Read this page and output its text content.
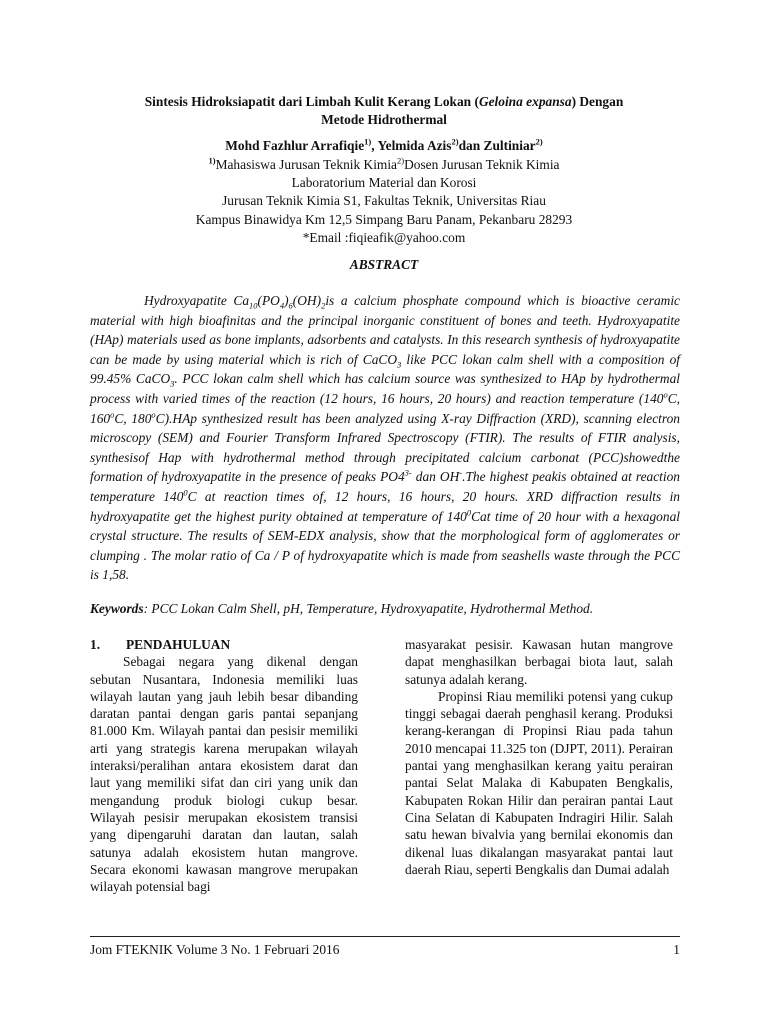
Sintesis Hidroksiapatit dari Limbah Kulit Kerang Lokan (Geloina expansa) Dengan
Metode Hidrothermal
Mohd Fazhlur Arrafiqie$^{1)}$, Yelmida Azis$^{2)}$dan Zultiniar$^{2)}$
$^{1)}$Mahasiswa Jurusan Teknik Kimia$^{2)}$Dosen Jurusan Teknik Kimia
Laboratorium Material dan Korosi
Jurusan Teknik Kimia S1, Fakultas Teknik, Universitas Riau
Kampus Binawidya Km 12,5 Simpang Baru Panam, Pekanbaru 28293
*Email :fiqieafik@yahoo.com
ABSTRACT

Hydroxyapatite $Ca_{10}(PO_4)_6(OH)_2is$ a calcium phosphate compound which is bioactive ceramic material with high bioafinitas and the principal inorganic constituent of bones and teeth. Hydroxyapatite (HAp) materials used as bone implants, adsorbents and catalysts. In this research synthesis of hydroxyapatite can be made by using material which is rich of CaCO$_3$ like PCC lokan calm shell with a composition of 99.45% CaCO$_3$. PCC lokan calm shell which has calcium source was synthesized to HAp by hydrothermal process with varied times of the reaction (12 hours, 16 hours, 20 hours) and reaction temperature (140$^o$C, 160$^o$C, 180$^o$C).HAp synthesized result has been analyzed using X-ray Diffraction (XRD), scanning electron microscopy (SEM) and Fourier Transform Infrared Spectroscopy (FTIR). The results of FTIR analysis, synthesisof Hap with hydrothermal method through precipitated calcium carbonat (PCC)showedthe formation of hydroxyapatite in the presence of peaks $PO4^{3-}$ dan OH-.The highest peakis obtained at reaction temperature $140^0C$ at reaction times of, 12 hours, 16 hours, 20 hours. XRD diffraction results in hydroxyapatite get the highest purity obtained at temperature of $140^0Cat$ time of 20 hour with a hexagonal crystal structure. The results of SEM-EDX analysis, show that the morphological form of agglomerates or clumping . The molar ratio of Ca / P of hydroxyapatite which is made from seashells waste through the PCC is 1,58.

Keywords: PCC Lokan Calm Shell, pH, Temperature, Hydroxyapatite, Hydrothermal Method.

1. PENDAHULUAN

Sebagai negara yang dikenal dengan sebutan Nusantara, Indonesia memiliki luas wilayah lautan yang jauh lebih besar dibanding daratan pantai dengan garis pantai sepanjang 81.000 Km. Wilayah pantai dan pesisir memiliki arti yang strategis karena merupakan wilayah interaksi/peralihan antara ekosistem darat dan laut yang memiliki sifat dan ciri yang unik dan mengandung produk biologi cukup besar. Wilayah pesisir merupakan ekosistem transisi yang dipengaruhi daratan dan lautan, salah satunya adalah ekosistem hutan mangrove. Secara ekonomi kawasan mangrove merupakan wilayah potensial bagi

masyarakat pesisir. Kawasan hutan mangrove dapat menghasilkan berbagai biota laut, salah satunya adalah kerang.

Propinsi Riau memiliki potensi yang cukup tinggi sebagai daerah penghasil kerang. Produksi kerang-kerangan di Propinsi Riau pada tahun 2010 mencapai 11.325 ton (DJPT, 2011). Perairan pantai yang menghasilkan kerang yaitu perairan pantai Selat Malaka di Kabupaten Bengkalis, Kabupaten Rokan Hilir dan perairan pantai Laut Cina Selatan di Kabupaten Indragiri Hilir. Salah satu hewan bivalvia yang bernilai ekonomis dan dikenal luas dikalangan masyarakat pantai laut daerah Riau, seperti Bengkalis dan Dumai adalah

Jom FTEKNIK Volume 3 No. 1 Februari 2016	1
